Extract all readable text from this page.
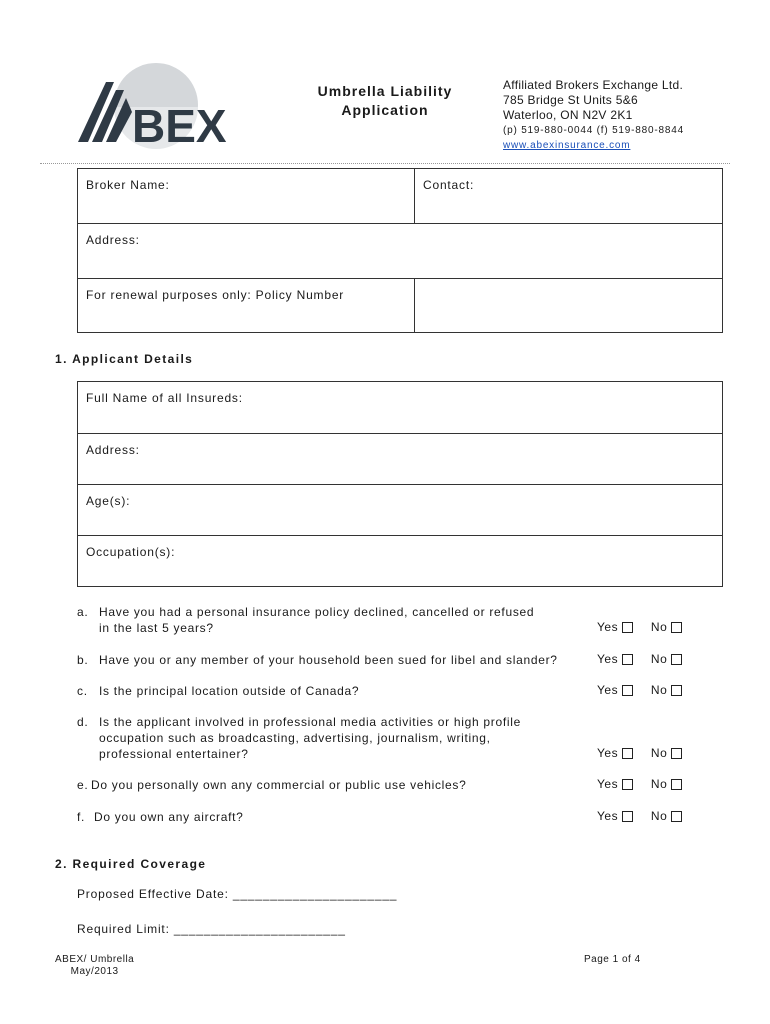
BEX
Umbrella Liability
Application
Affiliated Brokers Exchange Ltd.
785 Bridge St Units 5&6
Waterloo, ON N2V 2K1
(p) 519-880-0044 (f) 519-880-8844
www.abexinsurance.com
Broker Name:	Contact:
Address:
For renewal purposes only: Policy Number
1. Applicant Details
Full Name of all Insureds:
Address:
Age(s):
Occupation(s):
a. Have you had a personal insurance policy declined, cancelled or refused
in the last 5 years?	Yes	No
b. Have you or any member of your household been sued for libel and slander?	Yes	No
c. Is the principal location outside of Canada?	Yes	No
d. Is the applicant involved in professional media activities or high profile
occupation such as broadcasting, advertising, journalism, writing,
professional entertainer?	Yes	No
e. Do you personally own any commercial or public use vehicles?	Yes	No
f. Do you own any aircraft?	Yes	No
2. Required Coverage
Proposed Effective Date: ______________________
Required Limit: _______________________
ABEX/ Umbrella
May/2013
Page 1 of 4
